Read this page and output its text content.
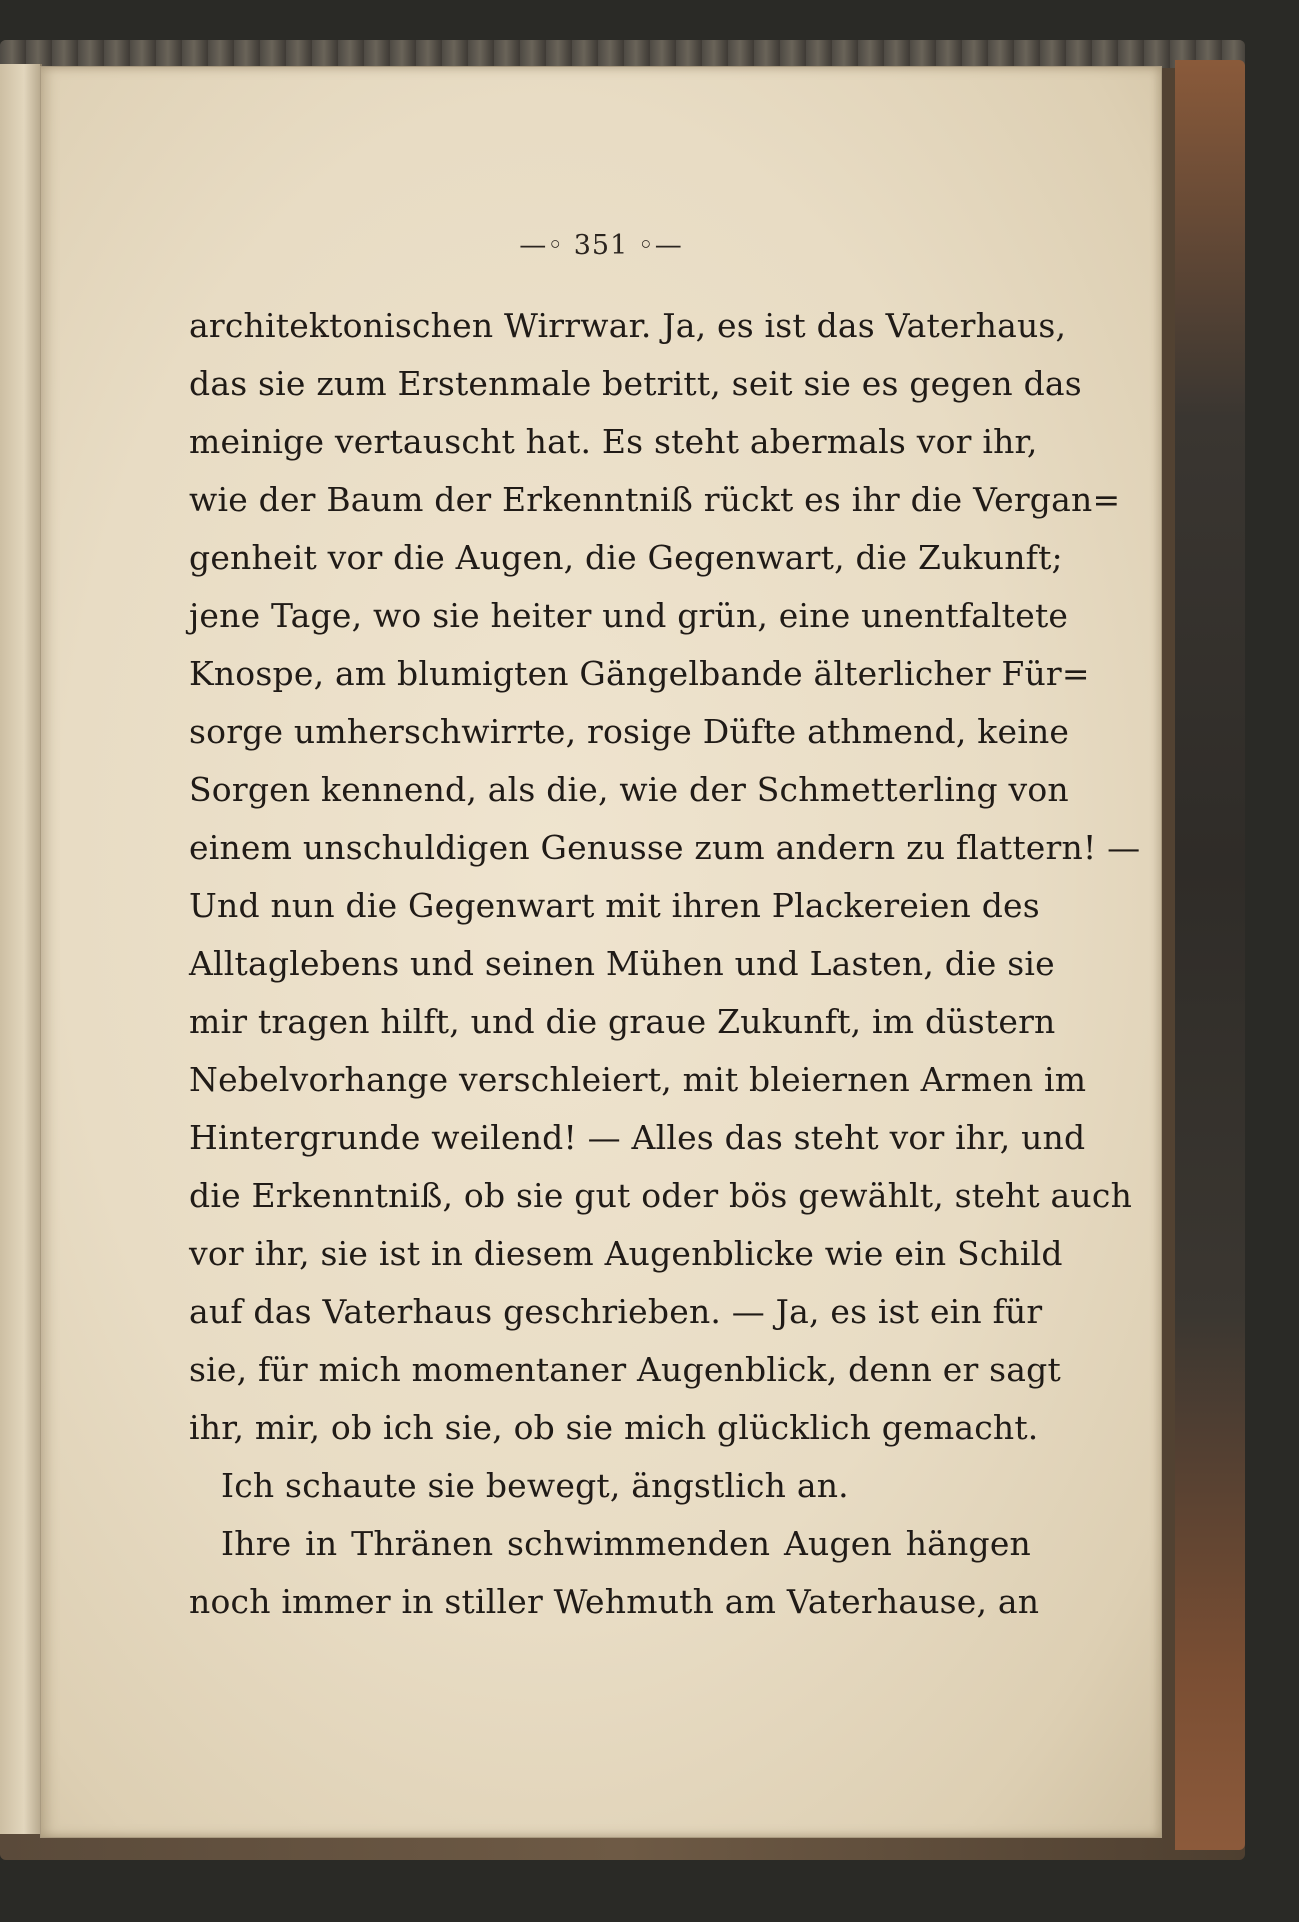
—◦ 351 ◦—
architektonischen Wirrwar. Ja, es ist das Vaterhaus,
das sie zum Erstenmale betritt, seit sie es gegen das
meinige vertauscht hat. Es steht abermals vor ihr,
wie der Baum der Erkenntniß rückt es ihr die Vergan=
genheit vor die Augen, die Gegenwart, die Zukunft;
jene Tage, wo sie heiter und grün, eine unentfaltete
Knospe, am blumigten Gängelbande älterlicher Für=
sorge umherschwirrte, rosige Düfte athmend, keine
Sorgen kennend, als die, wie der Schmetterling von
einem unschuldigen Genusse zum andern zu flattern! —
Und nun die Gegenwart mit ihren Plackereien des
Alltaglebens und seinen Mühen und Lasten, die sie
mir tragen hilft, und die graue Zukunft, im düstern
Nebelvorhange verschleiert, mit bleiernen Armen im
Hintergrunde weilend! — Alles das steht vor ihr, und
die Erkenntniß, ob sie gut oder bös gewählt, steht auch
vor ihr, sie ist in diesem Augenblicke wie ein Schild
auf das Vaterhaus geschrieben. — Ja, es ist ein für
sie, für mich momentaner Augenblick, denn er sagt
ihr, mir, ob ich sie, ob sie mich glücklich gemacht.
Ich schaute sie bewegt, ängstlich an.
Ihre in Thränen schwimmenden Augen hängen
noch immer in stiller Wehmuth am Vaterhause, an
